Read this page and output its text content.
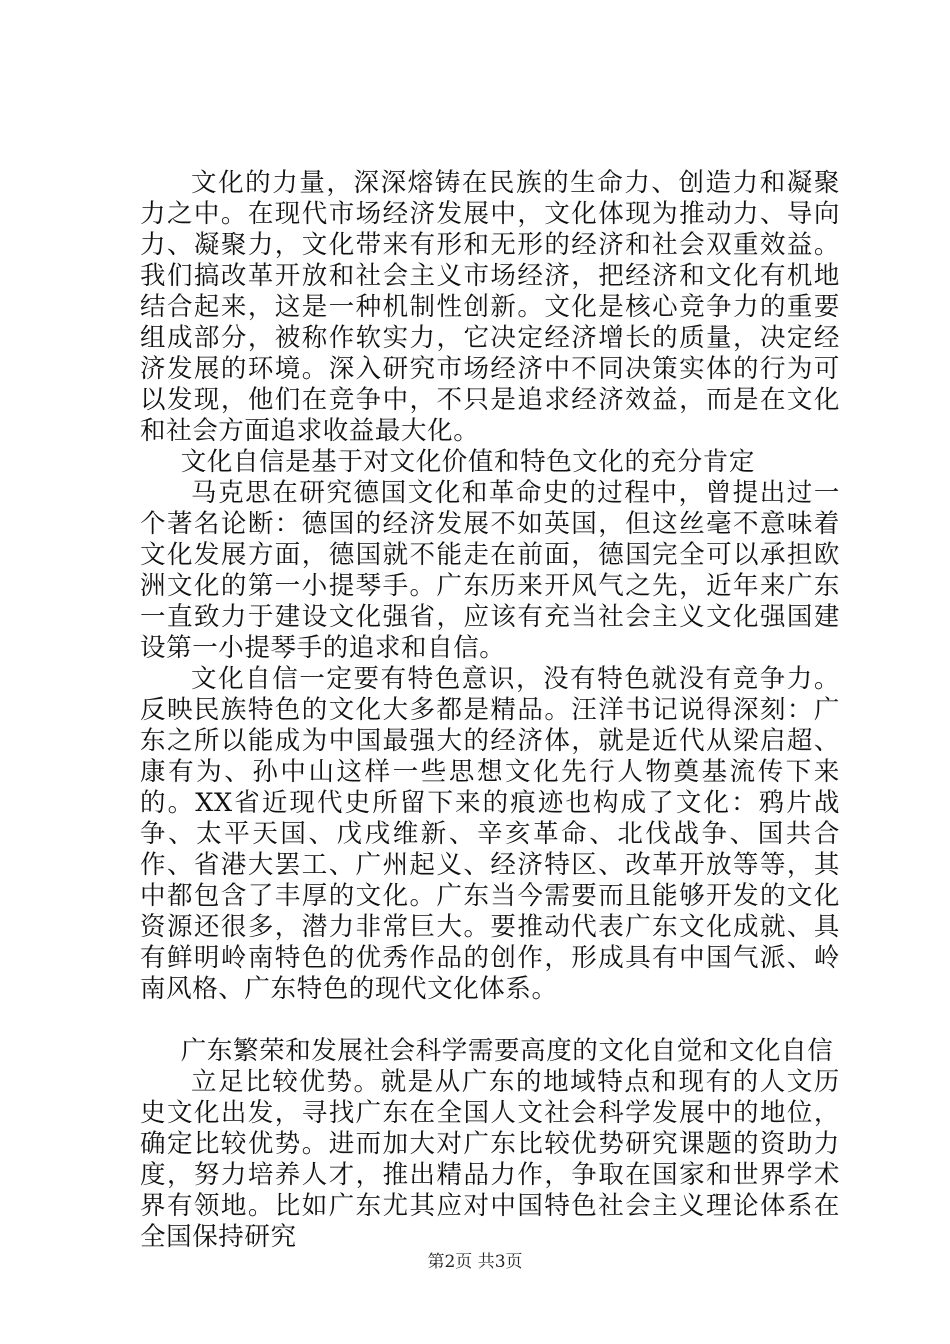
文化的力量，深深熔铸在民族的生命力、创造力和凝聚力之中。在现代市场经济发展中，文化体现为推动力、导向力、凝聚力，文化带来有形和无形的经济和社会双重效益。我们搞改革开放和社会主义市场经济，把经济和文化有机地结合起来，这是一种机制性创新。文化是核心竞争力的重要组成部分，被称作软实力，它决定经济增长的质量，决定经济发展的环境。深入研究市场经济中不同决策实体的行为可以发现，他们在竞争中，不只是追求经济效益，而是在文化和社会方面追求收益最大化。

文化自信是基于对文化价值和特色文化的充分肯定

马克思在研究德国文化和革命史的过程中，曾提出过一个著名论断：德国的经济发展不如英国，但这丝毫不意味着文化发展方面，德国就不能走在前面，德国完全可以承担欧洲文化的第一小提琴手。广东历来开风气之先，近年来广东一直致力于建设文化强省，应该有充当社会主义文化强国建设第一小提琴手的追求和自信。

文化自信一定要有特色意识，没有特色就没有竞争力。反映民族特色的文化大多都是精品。汪洋书记说得深刻：广东之所以能成为中国最强大的经济体，就是近代从梁启超、康有为、孙中山这样一些思想文化先行人物奠基流传下来的。XX省近现代史所留下来的痕迹也构成了文化：鸦片战争、太平天国、戊戌维新、辛亥革命、北伐战争、国共合作、省港大罢工、广州起义、经济特区、改革开放等等，其中都包含了丰厚的文化。广东当今需要而且能够开发的文化资源还很多，潜力非常巨大。要推动代表广东文化成就、具有鲜明岭南特色的优秀作品的创作，形成具有中国气派、岭南风格、广东特色的现代文化体系。

广东繁荣和发展社会科学需要高度的文化自觉和文化自信

立足比较优势。就是从广东的地域特点和现有的人文历史文化出发，寻找广东在全国人文社会科学发展中的地位，确定比较优势。进而加大对广东比较优势研究课题的资助力度，努力培养人才，推出精品力作，争取在国家和世界学术界有领地。比如广东尤其应对中国特色社会主义理论体系在全国保持研究

第2页 共3页
